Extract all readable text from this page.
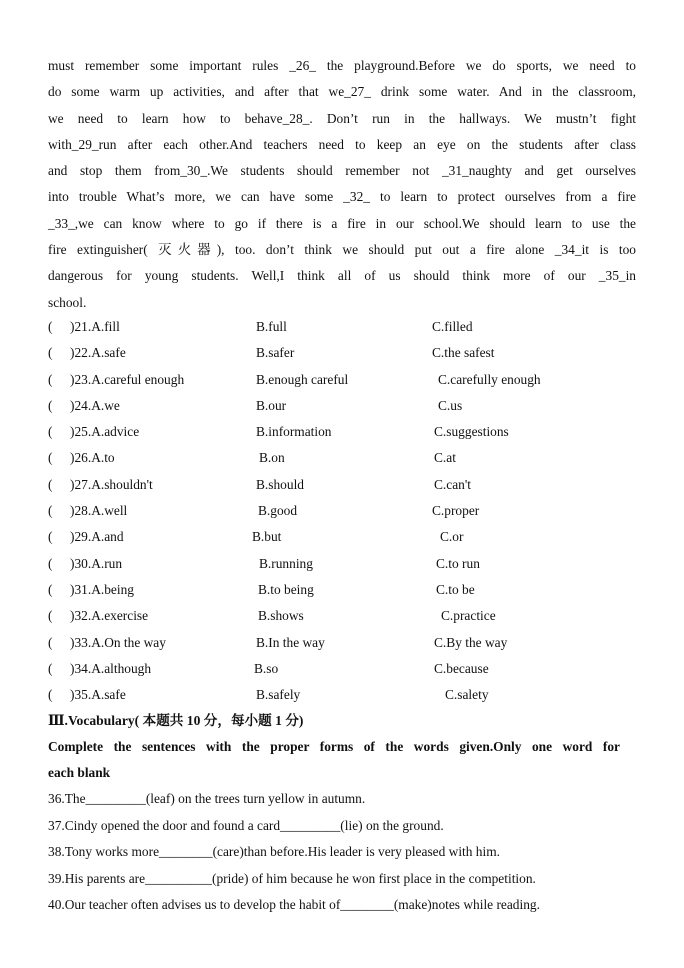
must remember some important rules _26_ the playground.Before we do sports, we need to
do some warm up activities, and after that we_27_ drink some water. And in the classroom,
we need to learn how to behave_28_. Don’t run in the hallways. We mustn’t fight
with_29_run after each other.And teachers need to keep an eye on the students after class
and stop them from_30_.We students should remember not _31_naughty and get ourselves
into trouble What’s more, we can have some _32_ to learn to protect ourselves from a fire
_33_,we can know where to go if there is a fire in our school.We should learn to use the
fire extinguisher( 灭火器), too. don’t think we should put out a fire alone _34_it is too
dangerous for young students. Well,I think all of us should think more of our _35_in
school.
( )21.A.fill	B.full	C.filled
( )22.A.safe	B.safer	C.the safest
( )23.A.careful enough	B.enough careful	C.carefully enough
( )24.A.we	B.our	C.us
( )25.A.advice	B.information	C.suggestions
( )26.A.to	B.on	C.at
( )27.A.shouldn't	B.should	C.can't
( )28.A.well	B.good	C.proper
( )29.A.and	B.but	C.or
( )30.A.run	B.running	C.to run
( )31.A.being	B.to being	C.to be
( )32.A.exercise	B.shows	C.practice
( )33.A.On the way	B.In the way	C.By the way
( )34.A.although	B.so	C.because
( )35.A.safe	B.safely	C.salety
Ⅲ.Vocabulary( 本题共 10 分，每小题 1 分)
Complete the sentences with the proper forms of the words given.Only one word for
each blank
36.The_________(leaf) on the trees turn yellow in autumn.
37.Cindy opened the door and found a card_________(lie) on the ground.
38.Tony works more________(care)than before.His leader is very pleased with him.
39.His parents are__________(pride) of him because he won first place in the competition.
40.Our teacher often advises us to develop the habit of________(make)notes while reading.
